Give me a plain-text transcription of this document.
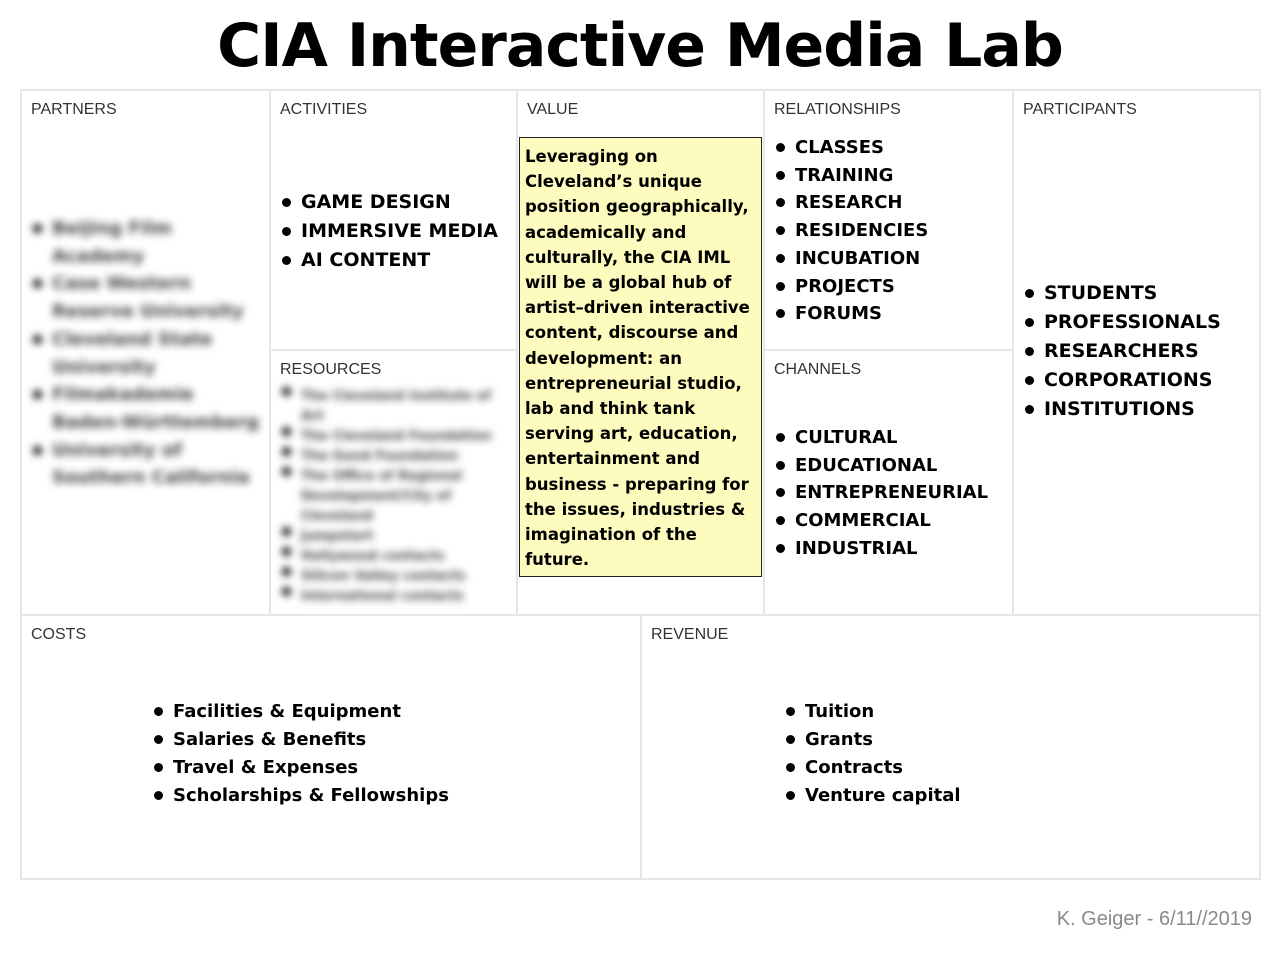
CIA Interactive Media Lab
PARTNERS
Beijing Film Academy
Case Western Reserve University
Cleveland State University
Filmakademie Baden-Württemberg
University of Southern California
ACTIVITIES
GAME DESIGN
IMMERSIVE MEDIA
AI CONTENT
RESOURCES
The Cleveland Institute of Art
The Cleveland Foundation
The Gund Foundation
The Office of Regional Development/City of Cleveland
Jumpstart
Hollywood contacts
Silicon Valley contacts
International contacts
VALUE
Leveraging on Cleveland’s unique position geographically, academically and culturally, the CIA IML will be a global hub of artist–driven interactive content, discourse and development: an entrepreneurial studio, lab and think tank serving art, education, entertainment and business - preparing for the issues, industries & imagination of the future.
RELATIONSHIPS
CLASSES
TRAINING
RESEARCH
RESIDENCIES
INCUBATION
PROJECTS
FORUMS
CHANNELS
CULTURAL
EDUCATIONAL
ENTREPRENEURIAL
COMMERCIAL
INDUSTRIAL
PARTICIPANTS
STUDENTS
PROFESSIONALS
RESEARCHERS
CORPORATIONS
INSTITUTIONS
COSTS
Facilities & Equipment
Salaries & Benefits
Travel & Expenses
Scholarships & Fellowships
REVENUE
Tuition
Grants
Contracts
Venture capital
K. Geiger - 6/11//2019
